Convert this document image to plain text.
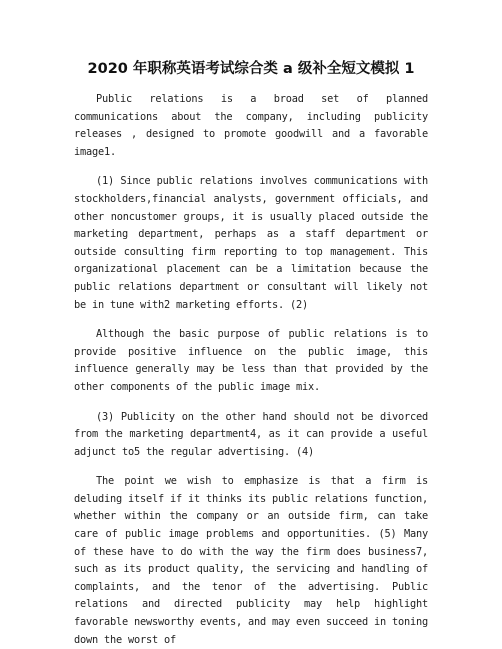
2020 年职称英语考试综合类 a 级补全短文模拟 1

Public relations is a broad set of planned communications about the company, including publicity releases , designed to promote goodwill and a favorable image1.

(1) Since public relations involves communications with stockholders,financial analysts, government officials, and other noncustomer groups, it is usually placed outside the marketing department, perhaps as a staff department or outside consulting firm reporting to top management. This organizational placement can be a limitation because the public relations department or consultant will likely not be in tune with2 marketing efforts. (2)

Although the basic purpose of public relations is to provide positive influence on the public image, this influence generally may be less than that provided by the other components of the public image mix.

(3) Publicity on the other hand should not be divorced from the marketing department4, as it can provide a useful adjunct to5 the regular advertising. (4)

The point we wish to emphasize is that a firm is deluding itself if it thinks its public relations function, whether within the company or an outside firm, can take care of public image problems and opportunities. (5) Many of these have to do with the way the firm does business7, such as its product quality, the servicing and handling of complaints, and the tenor of the advertising. Public relations and directed publicity may help highlight favorable newsworthy events, and may even succeed in toning down the worst of
